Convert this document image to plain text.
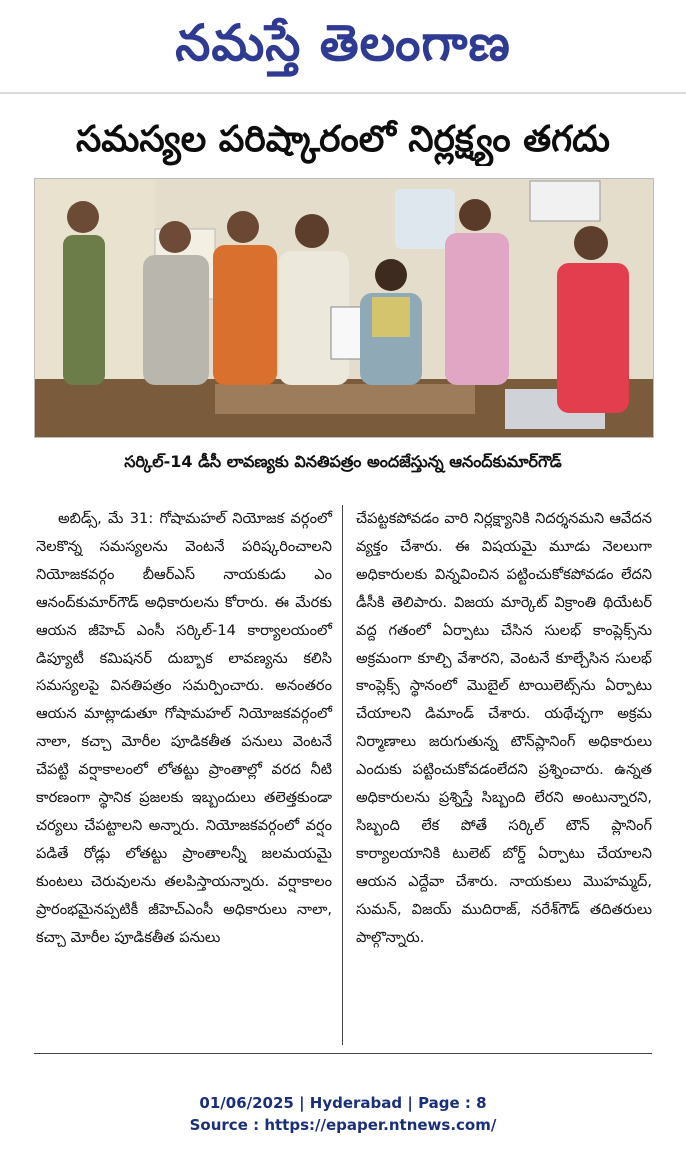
నమస్తే తెలంగాణ
సమస్యల పరిష్కారంలో నిర్లక్ష్యం తగదు
సర్కిల్-14 డీసీ లావణ్యకు వినతిపత్రం అందజేస్తున్న ఆనంద్‌కుమార్‌గౌడ్

అబిడ్స్, మే 31: గోషామహల్ నియోజక వర్గంలో నెలకొన్న సమస్యలను వెంటనే పరిష్కరించాలని నియోజకవర్గం బీఆర్‌ఎస్ నాయకుడు ఎం ఆనంద్‌కుమార్‌గౌడ్ అధికారులను కోరారు. ఈ మేరకు ఆయన జీహెచ్ ఎంసీ సర్కిల్-14 కార్యాలయంలో డిప్యూటీ కమిషనర్ దుబ్బాక లావణ్యను కలిసి సమస్యలపై వినతిపత్రం సమర్పించారు. అనంతరం ఆయన మాట్లాడుతూ గోషామహల్ నియోజకవర్గంలో నాలా, కచ్చా మోరీల పూడికతీత పనులు వెంటనే చేపట్టి వర్షాకాలంలో లోతట్టు ప్రాంతాల్లో వరద నీటి కారణంగా స్థానిక ప్రజలకు ఇబ్బందులు తలెత్తకుండా చర్యలు చేపట్టాలని అన్నారు. నియోజకవర్గంలో వర్షం పడితే రోడ్లు లోతట్టు ప్రాంతాలన్నీ జలమయమై కుంటలు చెరువులను తలపిస్తాయన్నారు. వర్షాకాలం ప్రారంభమైనప్పటికీ జీహెచ్‌ఎంసీ అధికారులు నాలా, కచ్చా మోరీల పూడికతీత పనులు

చేపట్టకపోవడం వారి నిర్లక్ష్యానికి నిదర్శనమని ఆవేదన వ్యక్తం చేశారు. ఈ విషయమై మూడు నెలలుగా అధికారులకు విన్నవించిన పట్టించుకోకపోవడం లేదని డీసీకి తెలిపారు. విజయ మార్కెట్ విక్రాంతి థియేటర్ వద్ద గతంలో ఏర్పాటు చేసిన సులభ్ కాంప్లెక్స్‌ను అక్రమంగా కూల్చి వేశారని, వెంటనే కూల్చేసిన సులభ్ కాంప్లెక్స్ స్థానంలో మొబైల్ టాయిలెట్స్‌ను ఏర్పాటు చేయాలని డిమాండ్ చేశారు. యథేచ్ఛగా అక్రమ నిర్మాణాలు జరుగుతున్న టౌన్‌ప్లానింగ్ అధికారులు ఎందుకు పట్టించుకోవడంలేదని ప్రశ్నించారు. ఉన్నత అధికారులను ప్రశ్నిస్తే సిబ్బంది లేరని అంటున్నారని, సిబ్బంది లేక పోతే సర్కిల్ టౌన్ ప్లానింగ్ కార్యాలయానికి టులెట్ బోర్డ్ ఏర్పాటు చేయాలని ఆయన ఎద్దేవా చేశారు. నాయకులు మొహమ్మద్, సుమన్, విజయ్ ముదిరాజ్, నరేశ్‌గౌడ్ తదితరులు పాల్గొన్నారు.

01/06/2025 | Hyderabad | Page : 8
Source : https://epaper.ntnews.com/
